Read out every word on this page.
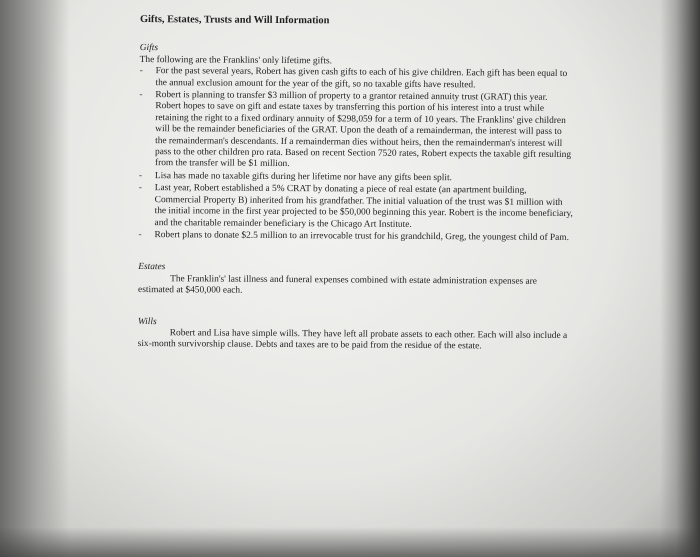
Gifts, Estates, Trusts and Will Information

Gifts

The following are the Franklins' only lifetime gifts.

- For the past several years, Robert has given cash gifts to each of his give children. Each gift has been equal to the annual exclusion amount for the year of the gift, so no taxable gifts have resulted.
- Robert is planning to transfer $3 million of property to a grantor retained annuity trust (GRAT) this year. Robert hopes to save on gift and estate taxes by transferring this portion of his interest into a trust while retaining the right to a fixed ordinary annuity of $298,059 for a term of 10 years. The Franklins' give children will be the remainder beneficiaries of the GRAT. Upon the death of a remainderman, the interest will pass to the remainderman's descendants. If a remainderman dies without heirs, then the remainderman's interest will pass to the other children pro rata. Based on recent Section 7520 rates, Robert expects the taxable gift resulting from the transfer will be $1 million.
- Lisa has made no taxable gifts during her lifetime nor have any gifts been split.
- Last year, Robert established a 5% CRAT by donating a piece of real estate (an apartment building, Commercial Property B) inherited from his grandfather. The initial valuation of the trust was $1 million with the initial income in the first year projected to be $50,000 beginning this year. Robert is the income beneficiary, and the charitable remainder beneficiary is the Chicago Art Institute.
- Robert plans to donate $2.5 million to an irrevocable trust for his grandchild, Greg, the youngest child of Pam.

Estates

The Franklin's' last illness and funeral expenses combined with estate administration expenses are estimated at $450,000 each.

Wills

Robert and Lisa have simple wills. They have left all probate assets to each other. Each will also include a six-month survivorship clause. Debts and taxes are to be paid from the residue of the estate.
